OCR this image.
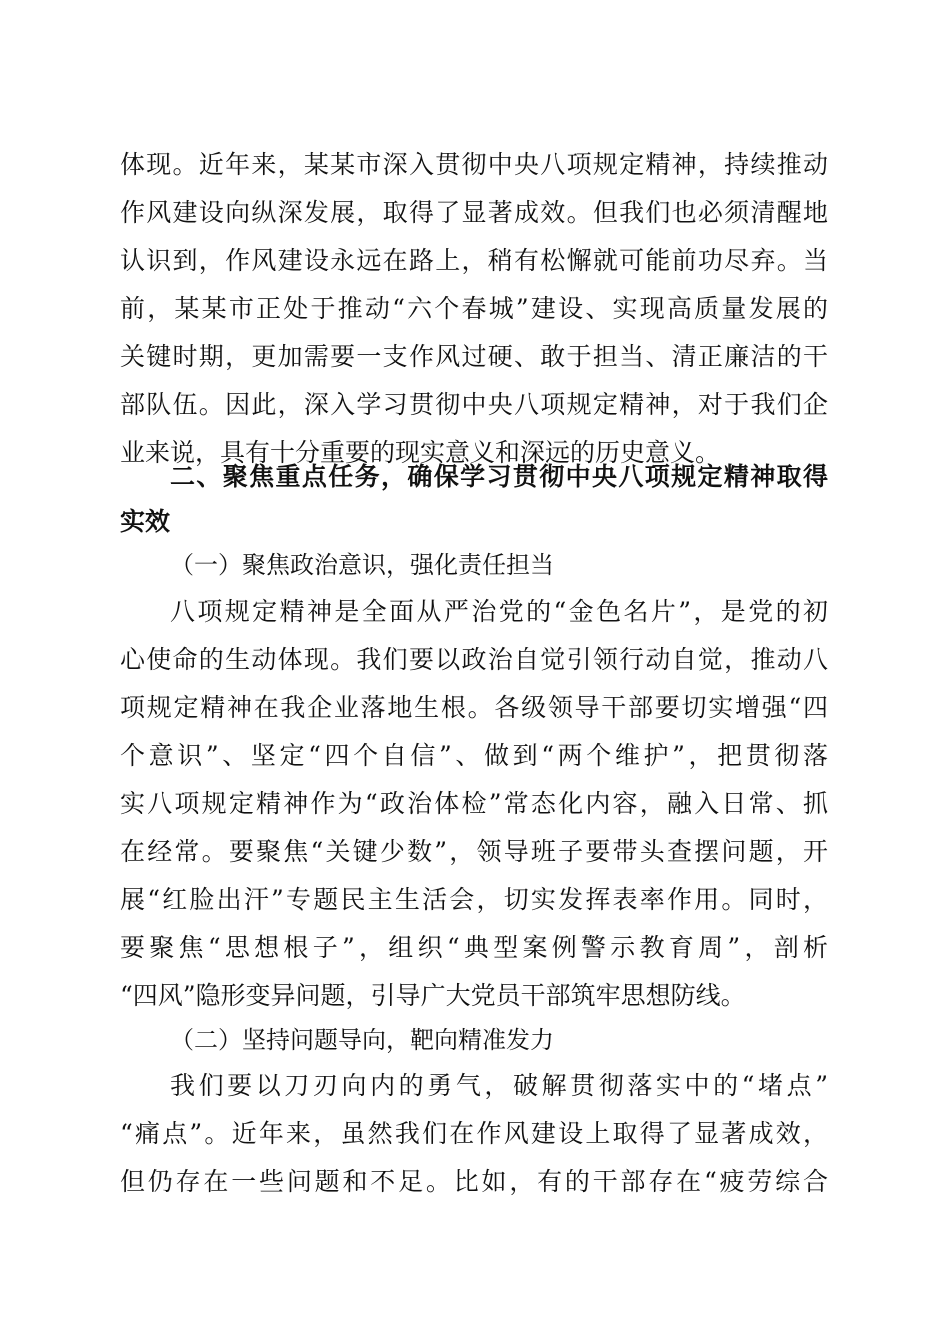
体现。近年来，某某市深入贯彻中央八项规定精神，持续推动
作风建设向纵深发展，取得了显著成效。但我们也必须清醒地
认识到，作风建设永远在路上，稍有松懈就可能前功尽弃。当
前，某某市正处于推动“六个春城”建设、实现高质量发展的
关键时期，更加需要一支作风过硬、敢于担当、清正廉洁的干
部队伍。因此，深入学习贯彻中央八项规定精神，对于我们企
业来说，具有十分重要的现实意义和深远的历史意义。
二、聚焦重点任务，确保学习贯彻中央八项规定精神取得
实效
（一）聚焦政治意识，强化责任担当
八项规定精神是全面从严治党的“金色名片”，是党的初
心使命的生动体现。我们要以政治自觉引领行动自觉，推动八
项规定精神在我企业落地生根。各级领导干部要切实增强“四
个意识”、坚定“四个自信”、做到“两个维护”，把贯彻落
实八项规定精神作为“政治体检”常态化内容，融入日常、抓
在经常。要聚焦“关键少数”，领导班子要带头查摆问题，开
展“红脸出汗”专题民主生活会，切实发挥表率作用。同时，
要聚焦“思想根子”，组织“典型案例警示教育周”，剖析
“四风”隐形变异问题，引导广大党员干部筑牢思想防线。
（二）坚持问题导向，靶向精准发力
我们要以刀刃向内的勇气，破解贯彻落实中的“堵点”
“痛点”。近年来，虽然我们在作风建设上取得了显著成效，
但仍存在一些问题和不足。比如，有的干部存在“疲劳综合
